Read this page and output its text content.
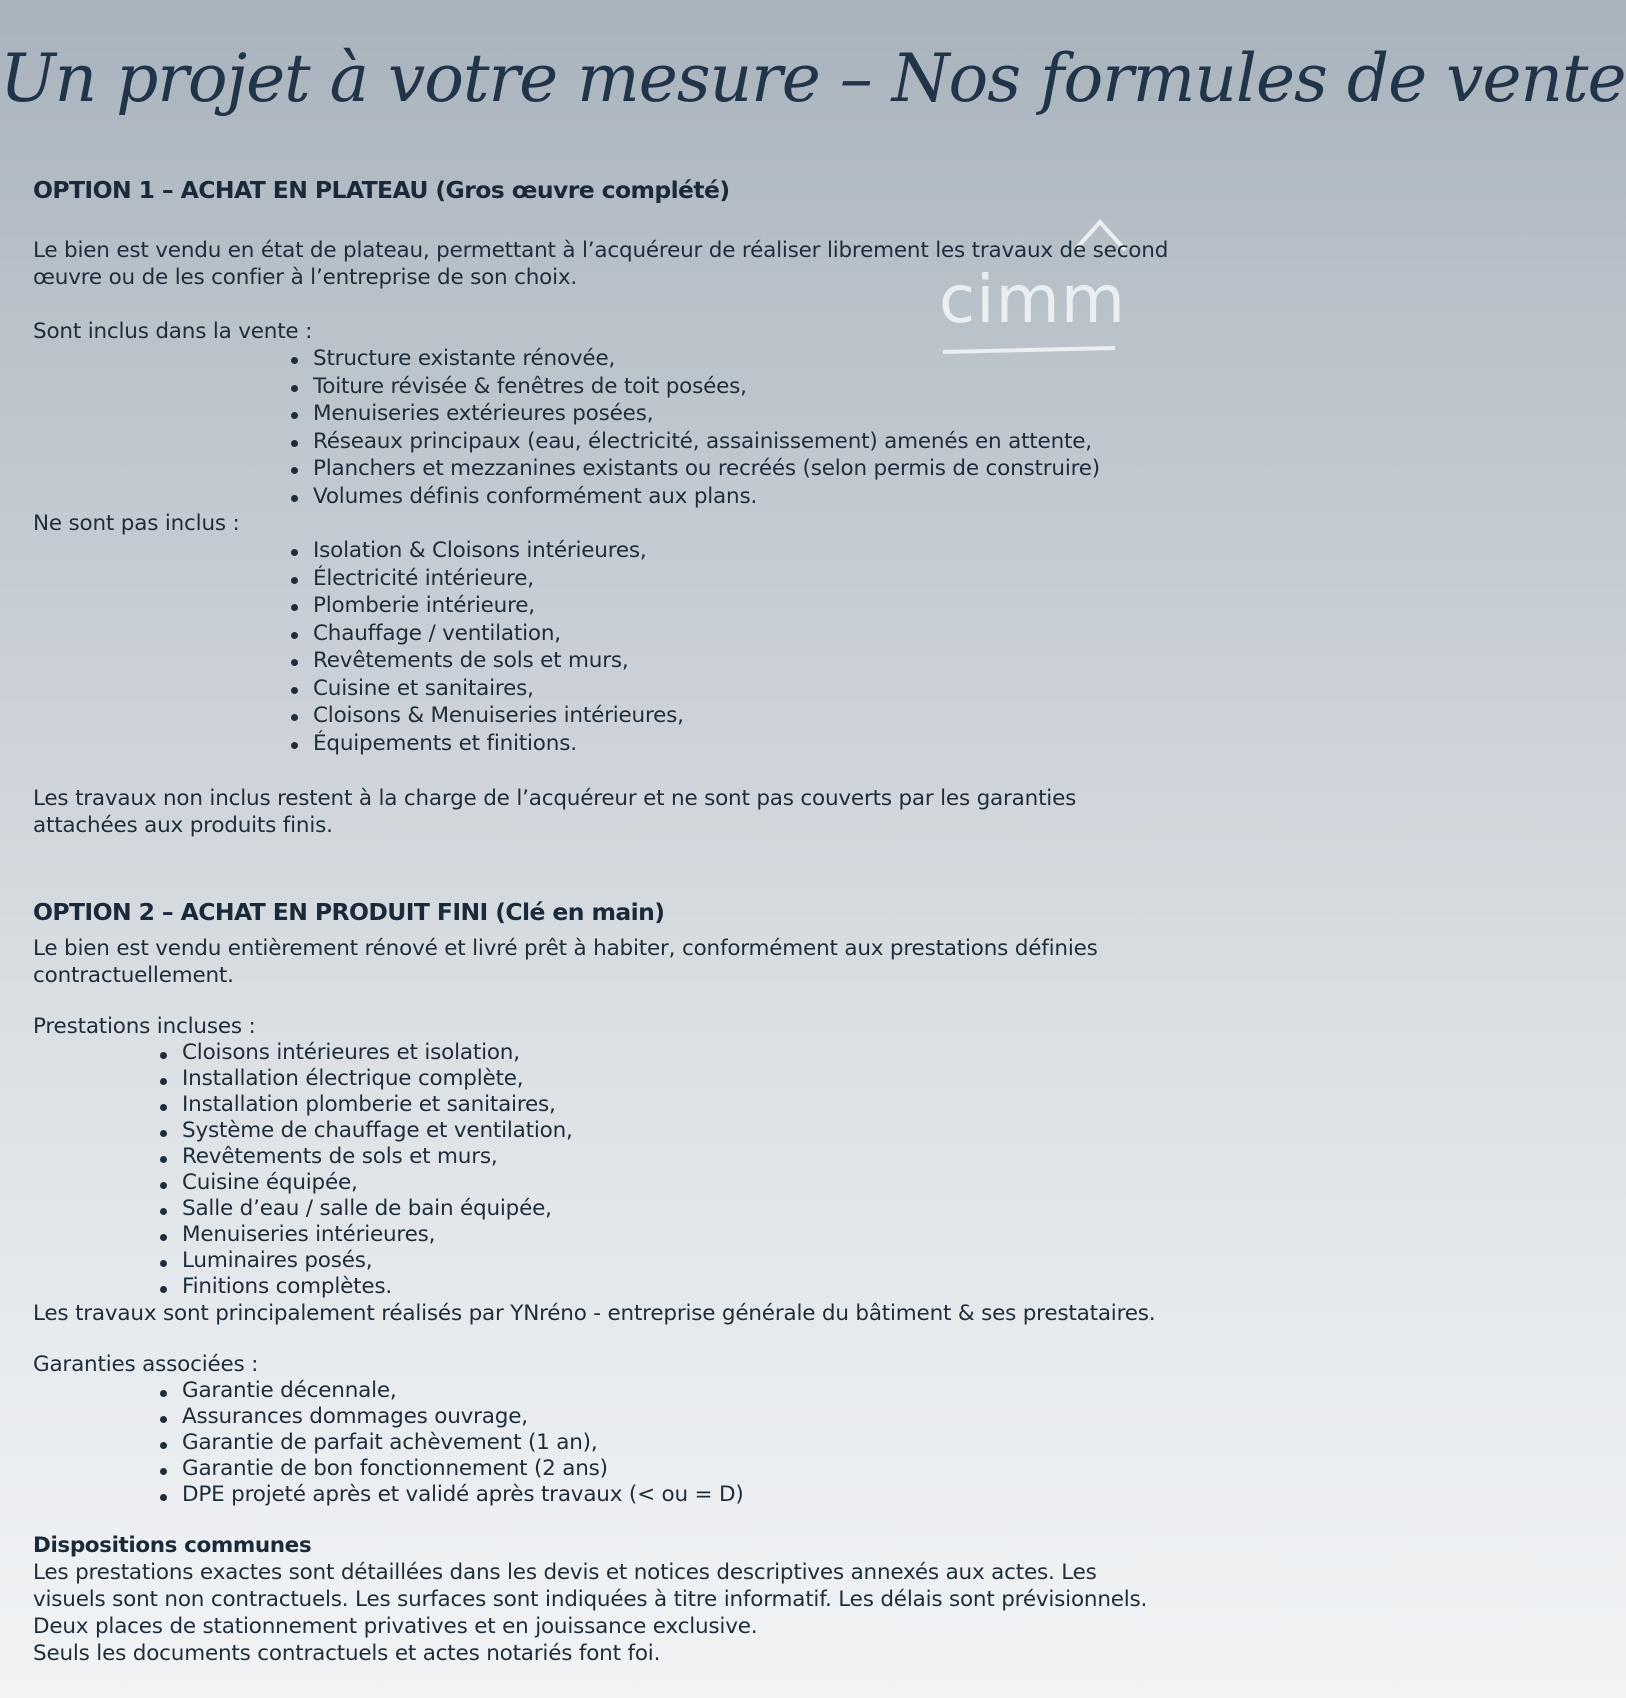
Un projet à votre mesure – Nos formules de vente
cimm
OPTION 1 – ACHAT EN PLATEAU (Gros œuvre complété)

Le bien est vendu en état de plateau, permettant à l’acquéreur de réaliser librement les travaux de second œuvre ou de les confier à l’entreprise de son choix.

Sont inclus dans la vente :

Structure existante rénovée,
Toiture révisée & fenêtres de toit posées,
Menuiseries extérieures posées,
Réseaux principaux (eau, électricité, assainissement) amenés en attente,
Planchers et mezzanines existants ou recréés (selon permis de construire)
Volumes définis conformément aux plans.

Ne sont pas inclus :

Isolation & Cloisons intérieures,
Électricité intérieure,
Plomberie intérieure,
Chauffage / ventilation,
Revêtements de sols et murs,
Cuisine et sanitaires,
Cloisons & Menuiseries intérieures,
Équipements et finitions.

Les travaux non inclus restent à la charge de l’acquéreur et ne sont pas couverts par les garanties attachées aux produits finis.

OPTION 2 – ACHAT EN PRODUIT FINI (Clé en main)

Le bien est vendu entièrement rénové et livré prêt à habiter, conformément aux prestations définies contractuellement.

Prestations incluses :

Cloisons intérieures et isolation,
Installation électrique complète,
Installation plomberie et sanitaires,
Système de chauffage et ventilation,
Revêtements de sols et murs,
Cuisine équipée,
Salle d’eau / salle de bain équipée,
Menuiseries intérieures,
Luminaires posés,
Finitions complètes.

Les travaux sont principalement réalisés par YNréno - entreprise générale du bâtiment & ses prestataires.

Garanties associées :

Garantie décennale,
Assurances dommages ouvrage,
Garantie de parfait achèvement (1 an),
Garantie de bon fonctionnement (2 ans)
DPE projeté après et validé après travaux (< ou = D)
Dispositions communes

Les prestations exactes sont détaillées dans les devis et notices descriptives annexés aux actes. Les visuels sont non contractuels. Les surfaces sont indiquées à titre informatif. Les délais sont prévisionnels.

Deux places de stationnement privatives et en jouissance exclusive.

Seuls les documents contractuels et actes notariés font foi.
